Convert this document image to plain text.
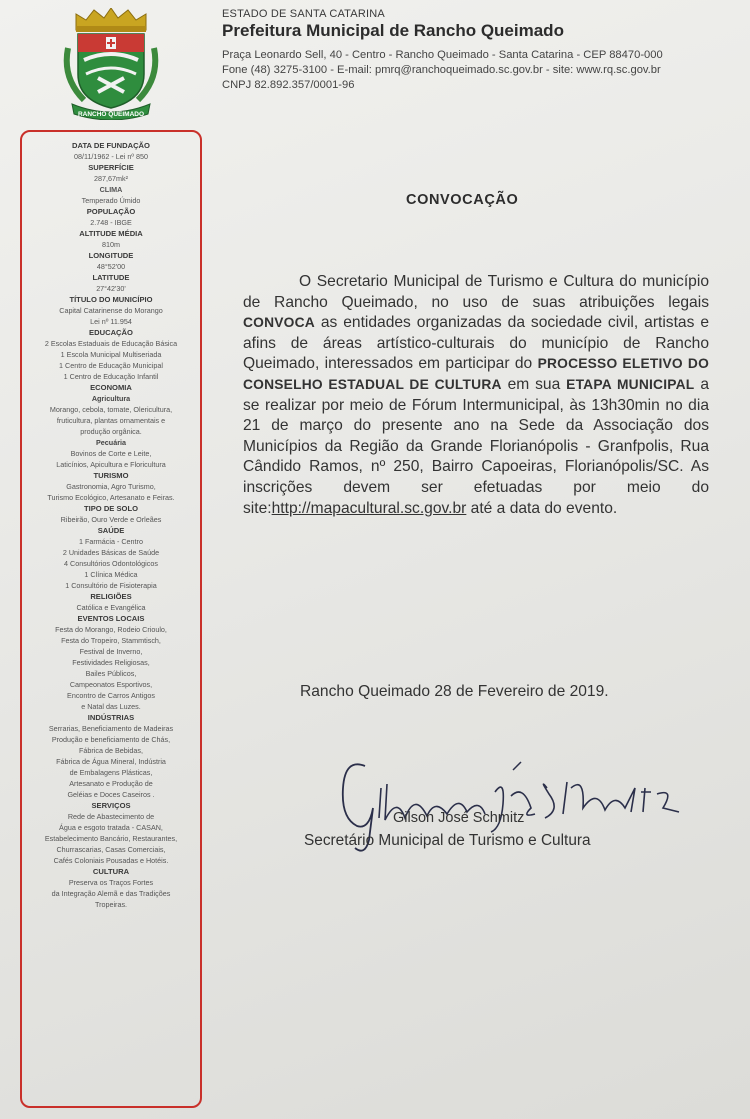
RANCHO QUEIMADO
ESTADO DE SANTA CATARINA
Prefeitura Municipal de Rancho Queimado
Praça Leonardo Sell, 40 - Centro - Rancho Queimado - Santa Catarina - CEP 88470-000
Fone (48) 3275-3100 - E-mail: pmrq@ranchoqueimado.sc.gov.br - site: www.rq.sc.gov.br
CNPJ 82.892.357/0001-96
DATA DE FUNDAÇÃO
08/11/1962 - Lei nº 850
SUPERFÍCIE
287,67mk²
CLIMA
Temperado Úmido
POPULAÇÃO
2.748 - IBGE
ALTITUDE MÉDIA
810m
LONGITUDE
48°52'00
LATITUDE
27°42'30'
TÍTULO DO MUNICÍPIO
Capital Catarinense do Morango
Lei nº 11.954
EDUCAÇÃO
2 Escolas Estaduais de Educação Básica
1 Escola Municipal Multiseriada
1 Centro de Educação Municipal
1 Centro de Educação Infantil
ECONOMIA
Agricultura
Morango, cebola, tomate, Olericultura,
fruticultura, plantas ornamentais e
produção orgânica.
Pecuária
Bovinos de Corte e Leite,
Laticínios, Apicultura e Floricultura
TURISMO
Gastronomia, Agro Turismo,
Turismo Ecológico, Artesanato e Feiras.
TIPO DE SOLO
Ribeirão, Ouro Verde e Orleães
SAÚDE
1 Farmácia - Centro
2 Unidades Básicas de Saúde
4 Consultórios Odontológicos
1 Clínica Médica
1 Consultório de Fisioterapia
RELIGIÕES
Católica e Evangélica
EVENTOS LOCAIS
Festa do Morango, Rodeio Crioulo,
Festa do Tropeiro, Stammtisch,
Festival de Inverno,
Festividades Religiosas,
Bailes Públicos,
Campeonatos Esportivos,
Encontro de Carros Antigos
e Natal das Luzes.
INDÚSTRIAS
Serrarias, Beneficiamento de Madeiras
Produção e beneficiamento de Chás,
Fábrica de Bebidas,
Fábrica de Água Mineral, Indústria
de Embalagens Plásticas,
Artesanato e Produção de
Geléias e Doces Caseiros .
SERVIÇOS
Rede de Abastecimento de
Água e esgoto tratada - CASAN,
Estabelecimento Bancário, Restaurantes,
Churrascarias, Casas Comerciais,
Cafés Coloniais Pousadas e Hotéis.
CULTURA
Preserva os Traços Fortes
da Integração Alemã e das Tradições
Tropeiras.
CONVOCAÇÃO
O Secretario Municipal de Turismo e Cultura do município de Rancho Queimado, no uso de suas atribuições legais CONVOCA as entidades organizadas da sociedade civil, artistas e afins de áreas artístico-culturais do município de Rancho Queimado, interessados em participar do PROCESSO ELETIVO DO CONSELHO ESTADUAL DE CULTURA em sua ETAPA MUNICIPAL a se realizar por meio de Fórum Intermunicipal, às 13h30min no dia 21 de março do presente ano na Sede da Associação dos Municípios da Região da Grande Florianópolis - Granfpolis, Rua Cândido Ramos, nº 250, Bairro Capoeiras, Florianópolis/SC. As inscrições devem ser efetuadas por meio do site:http://mapacultural.sc.gov.br até a data do evento.
Rancho Queimado 28 de Fevereiro de 2019.
Gilson José Schmitz
Secretário Municipal de Turismo e Cultura
